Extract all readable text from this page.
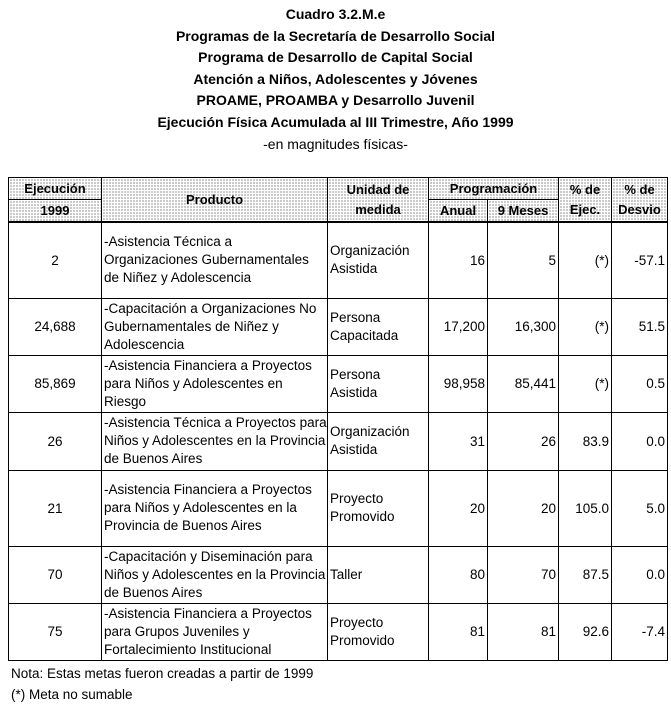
Cuadro 3.2.M.e
Programas de la Secretaría de Desarrollo Social
Programa de Desarrollo de Capital Social
Atención a Niños, Adolescentes y Jóvenes
PROAME, PROAMBA y Desarrollo Juvenil
Ejecución Física Acumulada al III Trimestre, Año 1999
-en magnitudes físicas-
Ejecución	Producto	Unidad de medida	Programación		% de Ejec.	% de Desvio
1999			Anual	9 Meses		
2	-Asistencia Técnica a Organizaciones Gubernamentales de Niñez y Adolescencia	Organización Asistida	16	5	(*)	-57.1
24,688	-Capacitación a Organizaciones No Gubernamentales de Niñez y Adolescencia	Persona Capacitada	17,200	16,300	(*)	51.5
85,869	-Asistencia Financiera a Proyectos para Niños y Adolescentes en Riesgo	Persona Asistida	98,958	85,441	(*)	0.5
26	-Asistencia Técnica a Proyectos para Niños y Adolescentes en la Provincia de Buenos Aires	Organización Asistida	31	26	83.9	0.0
21	-Asistencia Financiera a Proyectos para Niños y Adolescentes en la Provincia de Buenos Aires	Proyecto Promovido	20	20	105.0	5.0
70	-Capacitación y Diseminación para Niños y Adolescentes en la Provincia de Buenos Aires	Taller	80	70	87.5	0.0
75	-Asistencia Financiera a Proyectos para Grupos Juveniles y Fortalecimiento Institucional	Proyecto Promovido	81	81	92.6	-7.4
Nota: Estas metas fueron creadas a partir de 1999
(*) Meta no sumable
